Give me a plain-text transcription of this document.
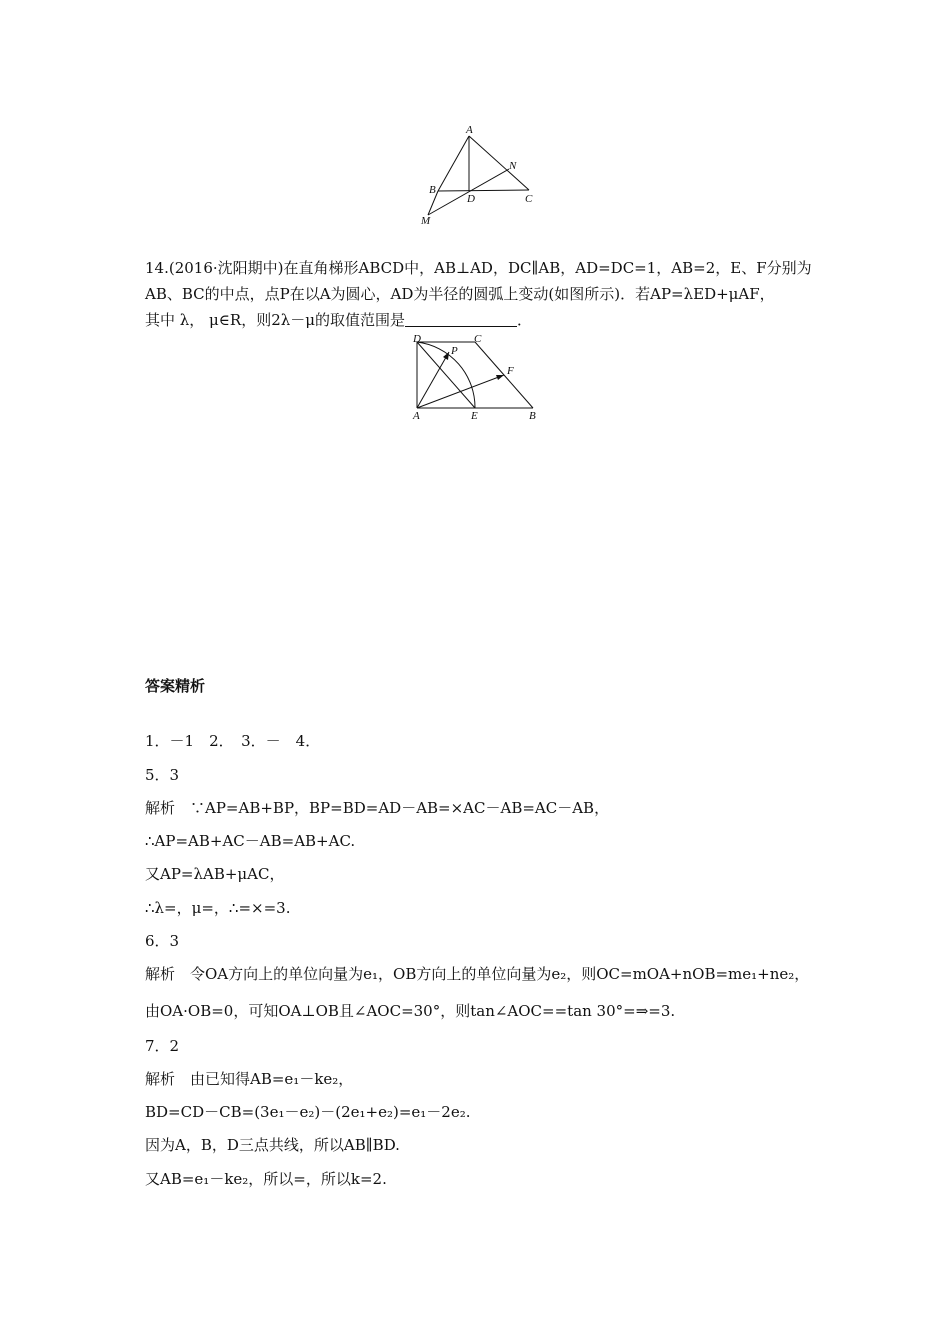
A
B
C
D
M
N
14.(2016·沈阳期中)在直角梯形ABCD中，AB⊥AD，DC∥AB，AD=DC=1，AB=2，E、F分别为
AB、BC的中点，点P在以A为圆心，AD为半径的圆弧上变动(如图所示)．若AP=λED+μAF，
其中 λ， μ∈R，则2λ－μ的取值范围是	．
D	C
P
F
A	E	B
答案精析
1．－1　2．　3．－　4．
5．3
解析　∵AP=AB+BP，BP=BD=AD－AB=×AC－AB=AC－AB，
∴AP=AB+AC－AB=AB+AC.
又AP=λAB+μAC，
∴λ=，μ=，∴=×=3.
6．3
解析　令OA方向上的单位向量为e₁，OB方向上的单位向量为e₂，则OC=mOA+nOB=me₁+ne₂，
由OA·OB=0，可知OA⊥OB且∠AOC=30°，则tan∠AOC==tan 30°=⇒=3.
7．2
解析　由已知得AB=e₁－ke₂，
BD=CD－CB=(3e₁－e₂)－(2e₁+e₂)=e₁－2e₂.
因为A，B，D三点共线，所以AB∥BD.
又AB=e₁－ke₂，所以=，所以k=2.
